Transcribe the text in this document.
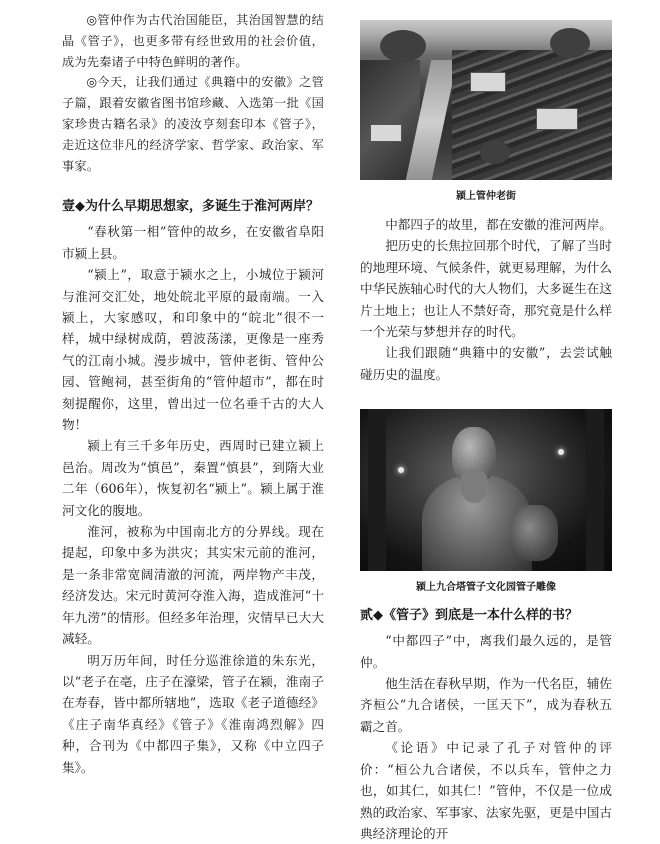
◎管仲作为古代治国能臣，其治国智慧的结晶《管子》，也更多带有经世致用的社会价值，成为先秦诸子中特色鲜明的著作。

◎今天，让我们通过《典籍中的安徽》之管子篇，跟着安徽省图书馆珍藏、入选第一批《国家珍贵古籍名录》的凌汝亨刻套印本《管子》，走近这位非凡的经济学家、哲学家、政治家、军事家。

壹◆为什么早期思想家，多诞生于淮河两岸？

“春秋第一相”管仲的故乡，在安徽省阜阳市颍上县。

“颍上”，取意于颍水之上，小城位于颍河与淮河交汇处，地处皖北平原的最南端。一入颍上，大家感叹，和印象中的“皖北”很不一样，城中绿树成荫，碧波荡漾，更像是一座秀气的江南小城。漫步城中，管仲老街、管仲公园、管鲍祠，甚至街角的“管仲超市”，都在时刻提醒你，这里，曾出过一位名垂千古的大人物！

颍上有三千多年历史，西周时已建立颍上邑治。周改为“慎邑”，秦置“慎县”，到隋大业二年（606年），恢复初名“颍上”。颍上属于淮河文化的腹地。

淮河，被称为中国南北方的分界线。现在提起，印象中多为洪灾；其实宋元前的淮河，是一条非常宽阔清澈的河流，两岸物产丰茂，经济发达。宋元时黄河夺淮入海，造成淮河“十年九涝”的情形。但经多年治理，灾情早已大大减轻。

明万历年间，时任分巡淮徐道的朱东光，以“老子在亳，庄子在濠梁，管子在颍，淮南子在寿春，皆中都所辖地”，选取《老子道德经》《庄子南华真经》《管子》《淮南鸿烈解》四种，合刊为《中都四子集》，又称《中立四子集》。

颍上管仲老街

中都四子的故里，都在安徽的淮河两岸。

把历史的长焦拉回那个时代，了解了当时的地理环境、气候条件，就更易理解，为什么中华民族轴心时代的大人物们，大多诞生在这片土地上；也让人不禁好奇，那究竟是什么样一个光荣与梦想并存的时代。

让我们跟随“典籍中的安徽”，去尝试触碰历史的温度。

颍上九合塔管子文化园管子雕像
贰◆《管子》到底是一本什么样的书？

“中都四子”中，离我们最久远的，是管仲。

他生活在春秋早期，作为一代名臣，辅佐齐桓公“九合诸侯，一匡天下”，成为春秋五霸之首。

《论语》中记录了孔子对管仲的评价：“桓公九合诸侯，不以兵车，管仲之力也，如其仁，如其仁！”管仲，不仅是一位成熟的政治家、军事家、法家先驱，更是中国古典经济理论的开
